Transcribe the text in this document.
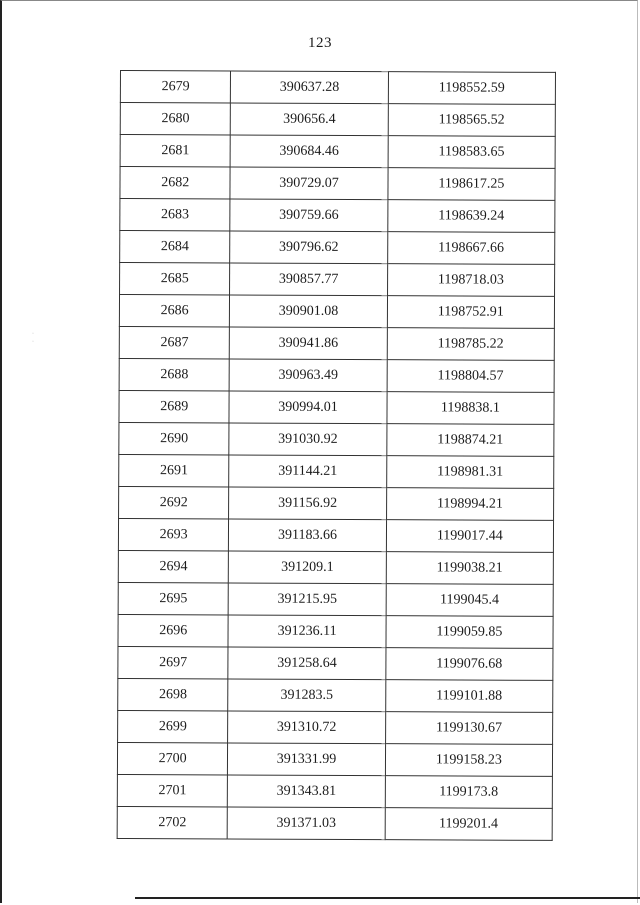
·
·
123
2679	390637.28	1198552.59
2680	390656.4	1198565.52
2681	390684.46	1198583.65
2682	390729.07	1198617.25
2683	390759.66	1198639.24
2684	390796.62	1198667.66
2685	390857.77	1198718.03
2686	390901.08	1198752.91
2687	390941.86	1198785.22
2688	390963.49	1198804.57
2689	390994.01	1198838.1
2690	391030.92	1198874.21
2691	391144.21	1198981.31
2692	391156.92	1198994.21
2693	391183.66	1199017.44
2694	391209.1	1199038.21
2695	391215.95	1199045.4
2696	391236.11	1199059.85
2697	391258.64	1199076.68
2698	391283.5	1199101.88
2699	391310.72	1199130.67
2700	391331.99	1199158.23
2701	391343.81	1199173.8
2702	391371.03	1199201.4
